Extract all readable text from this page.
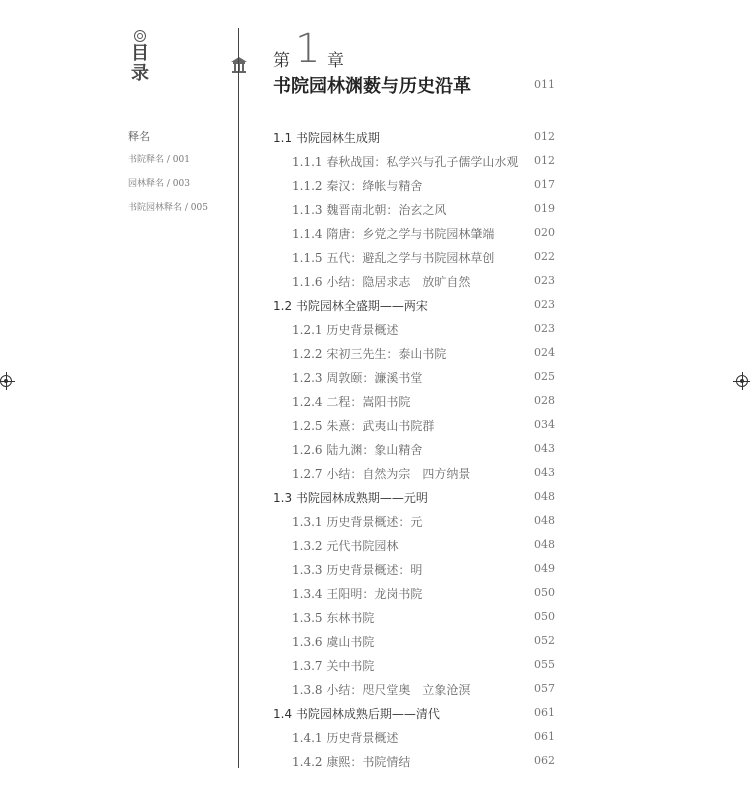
目
录
释名
书院释名 / 001
园林释名 / 003
书院园林释名 / 005
第 1 章
书院园林渊薮与历史沿革	011
1.1 书院园林生成期	012
1.1.1 春秋战国：私学兴与孔子儒学山水观 012
1.1.2 秦汉：绛帐与精舍	017
1.1.3 魏晋南北朝：治玄之风	019
1.1.4 隋唐：乡党之学与书院园林肇端	020
1.1.5 五代：避乱之学与书院园林草创	022
1.1.6 小结：隐居求志　放旷自然	023
1.2 书院园林全盛期——两宋	023
1.2.1 历史背景概述	023
1.2.2 宋初三先生：泰山书院	024
1.2.3 周敦颐：濂溪书堂	025
1.2.4 二程：嵩阳书院	028
1.2.5 朱熹：武夷山书院群	034
1.2.6 陆九渊：象山精舍	043
1.2.7 小结：自然为宗　四方纳景	043
1.3 书院园林成熟期——元明	048
1.3.1 历史背景概述：元	048
1.3.2 元代书院园林	048
1.3.3 历史背景概述：明	049
1.3.4 王阳明：龙岗书院	050
1.3.5 东林书院	050
1.3.6 虞山书院	052
1.3.7 关中书院	055
1.3.8 小结：咫尺堂奥　立象沧溟	057
1.4 书院园林成熟后期——清代	061
1.4.1 历史背景概述	061
1.4.2 康熙：书院情结	062
